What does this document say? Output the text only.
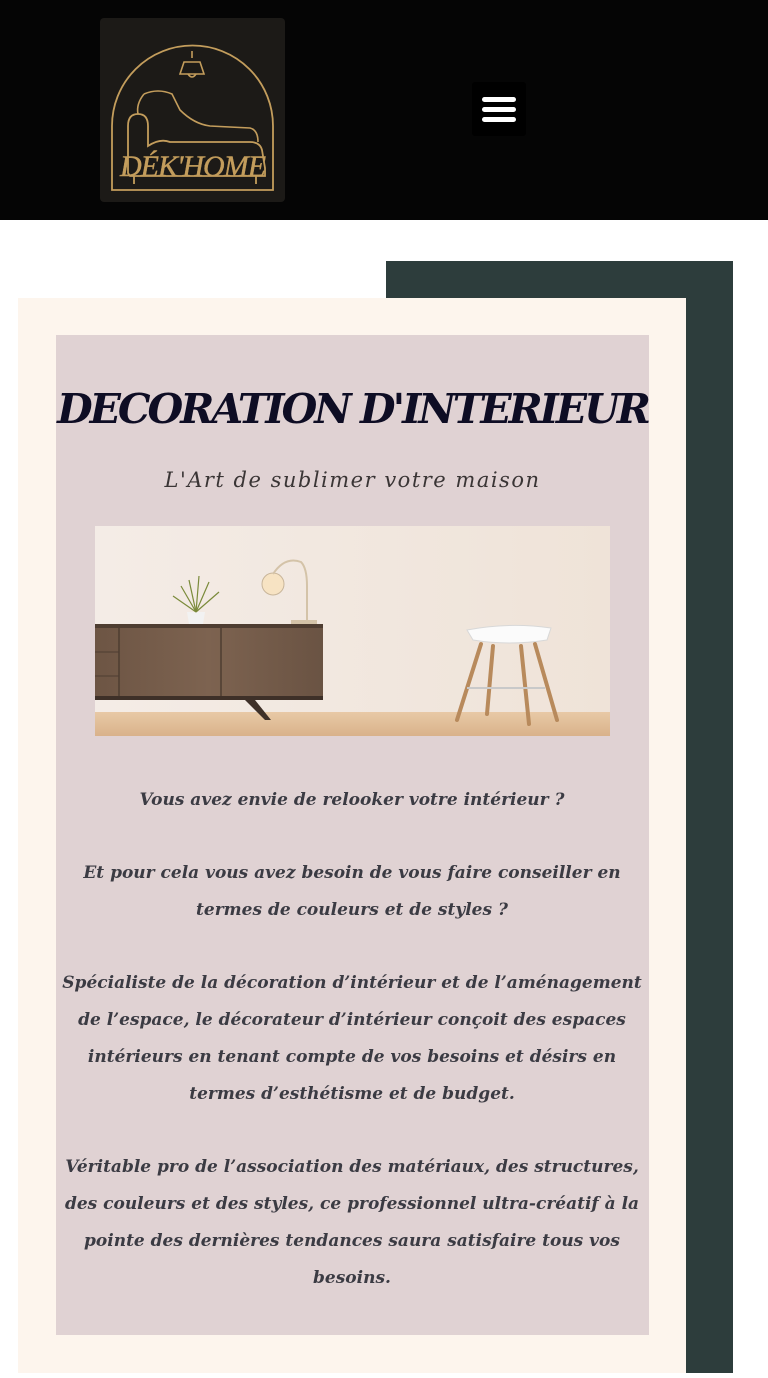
DÉK'HOME
DECORATION D'INTERIEUR
L'Art de sublimer votre maison

Vous avez envie de relooker votre intérieur ?

Et pour cela vous avez besoin de vous faire conseiller en termes de couleurs et de styles ?

Spécialiste de la décoration d’intérieur et de l’aménagement de l’espace, le décorateur d’intérieur conçoit des espaces intérieurs en tenant compte de vos besoins et désirs en termes d’esthétisme et de budget.

Véritable pro de l’association des matériaux, des structures, des couleurs et des styles, ce professionnel ultra-créatif à la pointe des dernières tendances saura satisfaire tous vos besoins.
